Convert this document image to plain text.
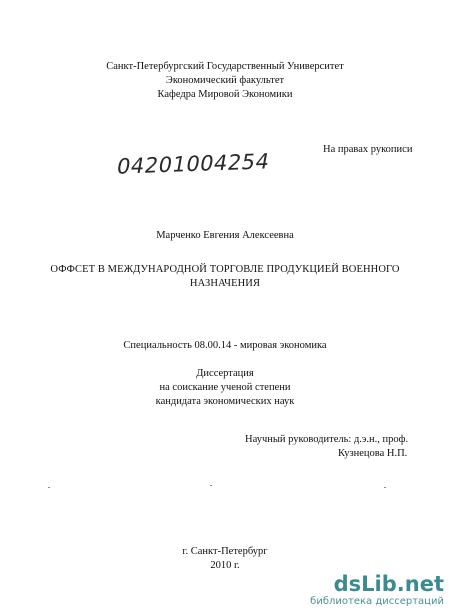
Санкт-Петербургский Государственный Университет
Экономический факультет
Кафедра Мировой Экономики
На правах рукописи
04201004254
Марченко Евгения Алексеевна
ОФФСЕТ В МЕЖДУНАРОДНОЙ ТОРГОВЛЕ ПРОДУКЦИЕЙ ВОЕННОГО
НАЗНАЧЕНИЯ
Специальность 08.00.14 - мировая экономика
Диссертация
на соискание ученой степени
кандидата экономических наук
Научный руководитель: д.э.н., проф.
Кузнецова Н.П.
г. Санкт-Петербург
2010 г.
dsLib.net
библиотека диссертаций
